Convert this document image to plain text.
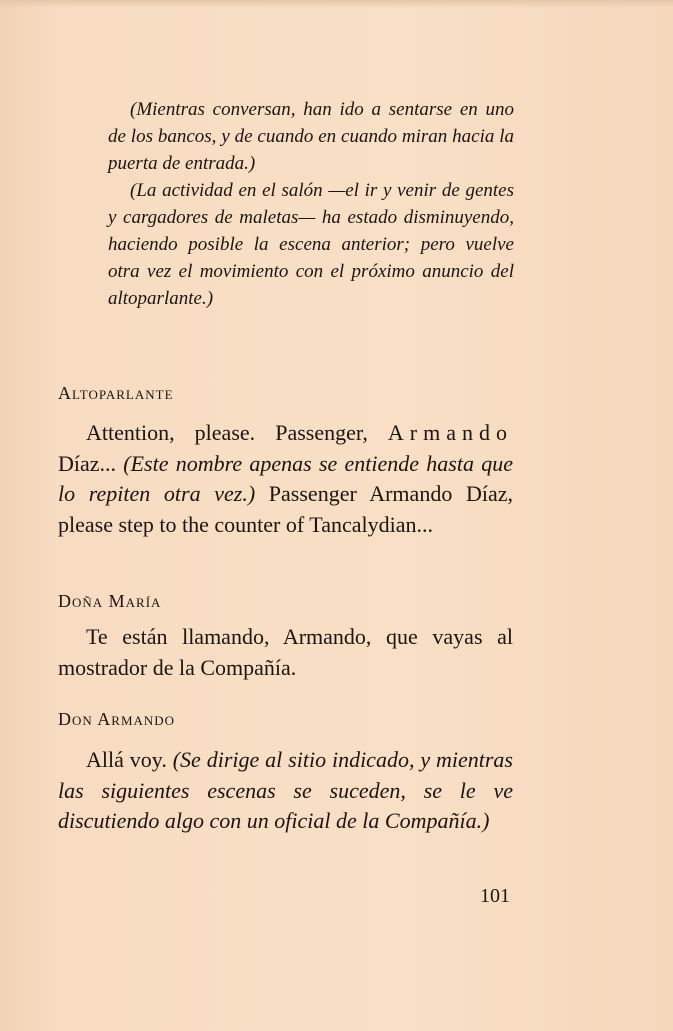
(Mientras conversan, han ido a sentarse en uno de los bancos, y de cuando en cuando miran hacia la puerta de entrada.)

(La actividad en el salón —el ir y venir de gentes y cargadores de maletas— ha estado disminuyendo, haciendo posible la escena anterior; pero vuelve otra vez el movimiento con el próximo anuncio del altoparlante.)

Altoparlante

Attention, please. Passenger, Armando Díaz... (Este nombre apenas se entiende hasta que lo repiten otra vez.) Passenger Armando Díaz, please step to the counter of Tancalydian...

Doña María

Te están llamando, Armando, que vayas al mostrador de la Compañía.

Don Armando

Allá voy. (Se dirige al sitio indicado, y mientras las siguientes escenas se suceden, se le ve discutiendo algo con un oficial de la Compañía.)

101
